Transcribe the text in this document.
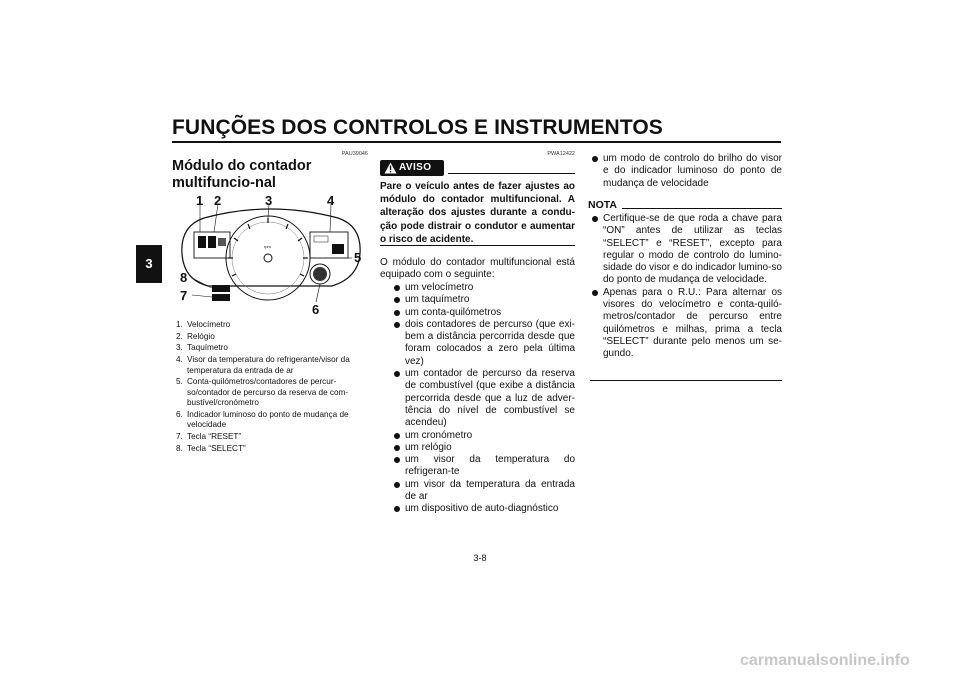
FUNÇÕES DOS CONTROLOS E INSTRUMENTOS
3
PAU39046
Módulo do contador multifuncio-nal
rpm
1 2	3	4
5
6
7
8
1. Velocímetro
2. Relógio
3. Taquímetro
4. Visor da temperatura do refrigerante/visor da temperatura da entrada de ar
5. Conta-quilómetros/contadores de percur-so/contador de percurso da reserva de com-bustível/cronómetro
6. Indicador luminoso do ponto de mudança de velocidade
7. Tecla “RESET”
8. Tecla “SELECT”
PWA12422
AVISO
Pare o veículo antes de fazer ajustes ao módulo do contador multifuncional. A alteração dos ajustes durante a condu-ção pode distrair o condutor e aumentar o risco de acidente.
O módulo do contador multifuncional está equipado com o seguinte:

um velocímetro

um taquímetro

um conta-quilómetros

dois contadores de percurso (que exi-bem a distância percorrida desde que foram colocados a zero pela última vez)

um contador de percurso da reserva de combustível (que exibe a distância percorrida desde que a luz de adver-tência do nível de combustível se acendeu)

um cronómetro

um relógio

um visor da temperatura do refrigeran-te

um visor da temperatura da entrada de ar

um dispositivo de auto-diagnóstico

um modo de controlo do brilho do visor e do indicador luminoso do ponto de mudança de velocidade

NOTA

Certifique-se de que roda a chave para “ON” antes de utilizar as teclas “SELECT” e “RESET”, excepto para regular o modo de controlo do lumino-sidade do visor e do indicador lumino-so do ponto de mudança de velocidade.

Apenas para o R.U.: Para alternar os visores do velocímetro e conta-quiló-metros/contador de percurso entre quilómetros e milhas, prima a tecla “SELECT” durante pelo menos um se-gundo.

3-8
carmanualsonline.info
